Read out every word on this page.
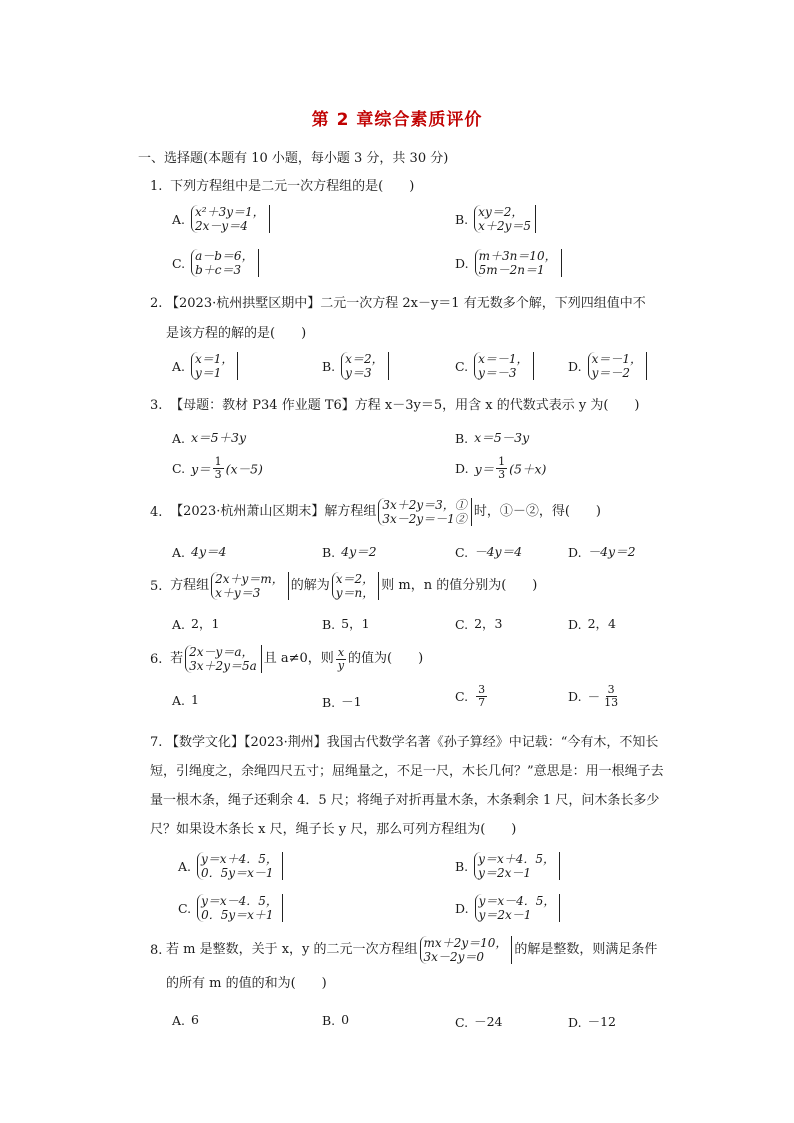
第 2 章综合素质评价
一、选择题(本题有 10 小题，每小题 3 分，共 30 分)
1. 下列方程组中是二元一次方程组的是(　　)
A. x²＋3y＝1，
2x－y＝4	B. xy＝2，
x＋2y＝5
C. a－b＝6，
b＋c＝3	D. m＋3n＝10，
5m－2n＝1
2. 【2023·杭州拱墅区期中】二元一次方程 2x－y＝1 有无数多个解，下列四组值中不
是该方程的解的是(　　)
A. x＝1，
y＝1	B. x＝2，
y＝3	C. x＝－1，
y＝－3	D. x＝－1，
y＝－2
3. 【母题：教材 P34 作业题 T6】方程 x－3y＝5，用含 x 的代数式表示 y 为(　　)
A. x＝5＋3y	B. x＝5－3y
C. $y= \frac{1}{3} (x-5)$	D. $y= \frac{1}{3} (5+x)$
4. 【2023·杭州萧山区期末】解方程组 3x＋2y＝3，①
3x－2y＝－1② 时，①－②，得(　　)
A. 4y＝4	B. 4y＝2	C. －4y＝4	D. －4y＝2
5. 方程组 2x＋y＝m，
x＋y＝3	的解为 x＝2，
y＝n， 则 m，n 的值分别为(　　)
A. 2，1	B. 5，1	C. 2，3	D. 2，4
6. 若 2x－y＝a，
3x＋2y＝5a 且 a≠0，则 $\frac{x}{y}$ 的值为(　　)
A. 1	B. －1	C. $\frac{3}{7}$	D. － $\frac{3}{13}$
7. 【数学文化】【2023·荆州】我国古代数学名著《孙子算经》中记载：“今有木，不知长短，引绳度之，余绳四尺五寸；屈绳量之，不足一尺，木长几何？”意思是：用一根绳子去量一根木条，绳子还剩余 4．5 尺；将绳子对折再量木条，木条剩余 1 尺，问木条长多少尺？如果设木条长 x 尺，绳子长 y 尺，那么可列方程组为(　　)
A. y＝x＋4．5，
0．5y＝x－1	B. y＝x＋4．5，
y＝2x－1
C. y＝x－4．5，
0．5y＝x＋1	D. y＝x－4．5，
y＝2x－1
8. 若 m 是整数，关于 x，y 的二元一次方程组 mx＋2y＝10，
3x－2y＝0	的解是整数，则满足条件
的所有 m 的值的和为(　　)
A. 6	B. 0	C. －24	D. －12
